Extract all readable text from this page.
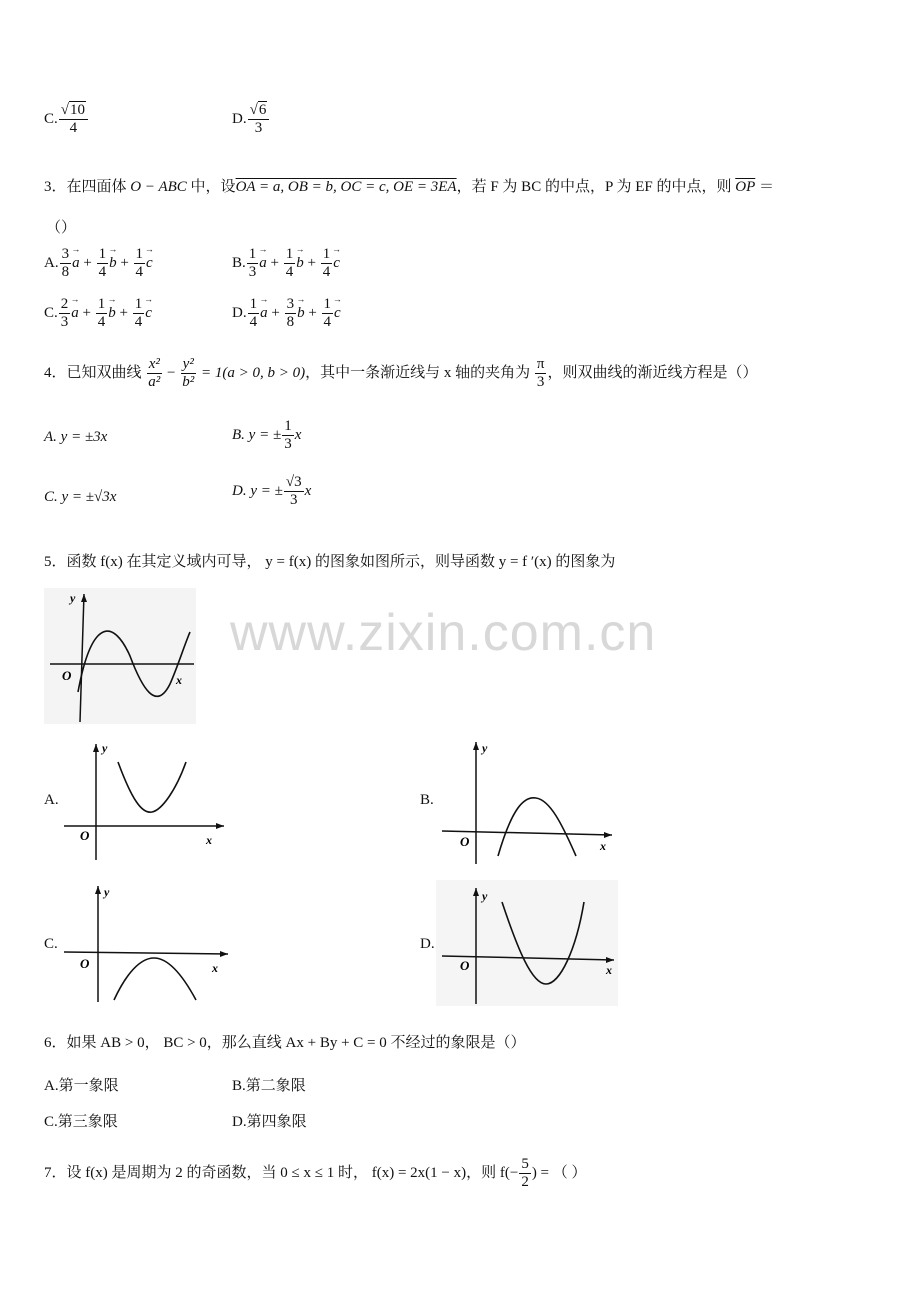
C. $\frac{√10}{4}$	D. $\frac{√6}{3}$
3．在四面体 O − ABC 中，设OA = a, OB = b, OC = c, OE = 3EA，若 F 为 BC 的中点，P 为 EF 的中点，则 $\overline{OP}$ ＝
（）
A. $\frac{3}{8}$ a → + $\frac{1}{4}$ b → + $\frac{1}{4}$ c →	B. $\frac{1}{3}$ a → + $\frac{1}{4}$ b → + $\frac{1}{4}$ c →
C. $\frac{2}{3}$ a → + $\frac{1}{4}$ b → + $\frac{1}{4}$ c →	D. $\frac{1}{4}$ a → + $\frac{3}{8}$ b → + $\frac{1}{4}$ c →
4．已知双曲线 $\frac{\text{x²}}{\text{a²}} - \frac{\text{y²}}{\text{b²}} = 1(a > 0$, b > 0)，其中一条渐近线与 x 轴的夹角为 $\frac{\pi}{3}$ ，则双曲线的渐近线方程是（）
A. y = ±3x	B. y = ± $\frac{1}{3}$ x
C. y = ±√3x	D. y = ± $\frac{√3}{3}$ x
5．函数 f(x) 在其定义域内可导， y = f(x) 的图象如图所示，则导函数 y = f ′(x) 的图象为
www.zixin.com.cn
y
O	x
A.
y
O	x
B.
y
O	x
C.
y
O	x
D.
y
O	x
6．如果 AB > 0， BC > 0，那么直线 Ax + By + C = 0 不经过的象限是（）
A.第一象限	B.第二象限
C.第三象限	D.第四象限
7．设 f(x) 是周期为 2 的奇函数，当 0 ≤ x ≤ 1 时， f(x) = 2x(1 − x)，则 $f(- \frac{5}{2}$ ) = （ ）
